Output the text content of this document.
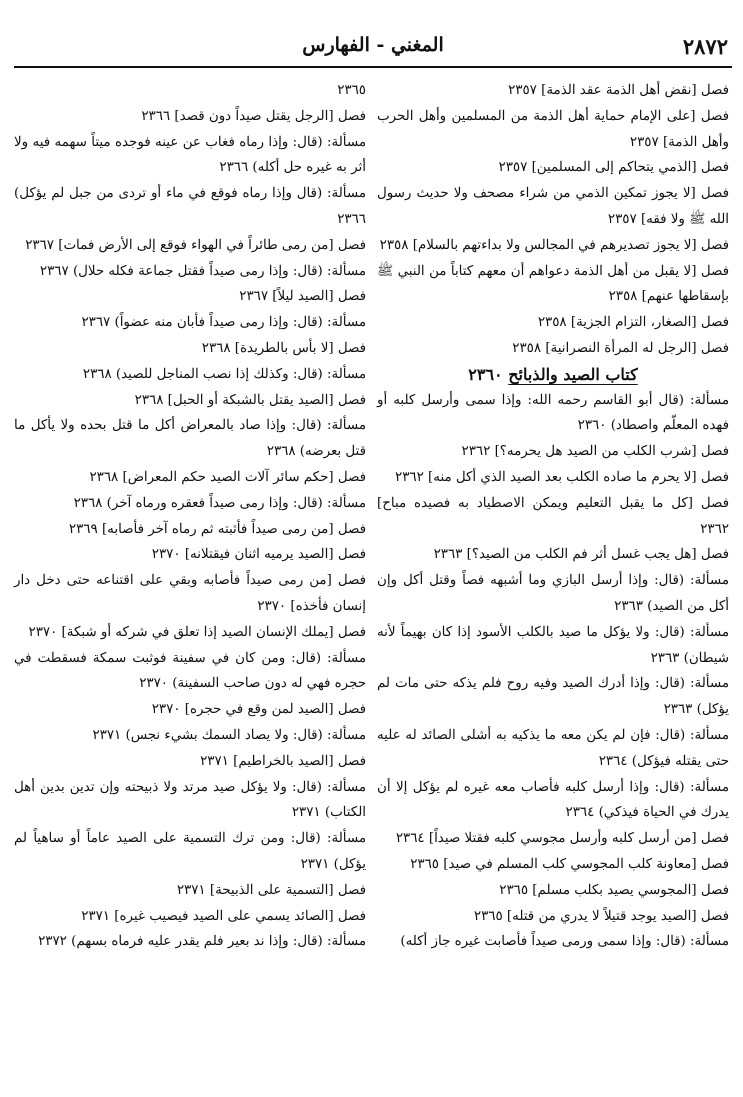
٢٨٧٢
المغني - الفهارس

فصل [نقض أهل الذمة عقد الذمة] ٢٣٥٧

فصل [على الإمام حماية أهل الذمة من المسلمين وأهل الحرب وأهل الذمة] ٢٣٥٧

فصل [الذمي يتحاكم إلى المسلمين] ٢٣٥٧

فصل [لا يجوز تمكين الذمي من شراء مصحف ولا حديث رسول الله ﷺ ولا فقه] ٢٣٥٧

فصل [لا يجوز تصديرهم في المجالس ولا بداءتهم بالسلام] ٢٣٥٨

فصل [لا يقبل من أهل الذمة دعواهم أن معهم كتاباً من النبي ﷺ بإسقاطها عنهم] ٢٣٥٨

فصل [الصغار، التزام الجزية] ٢٣٥٨

فصل [الرجل له المرأة النصرانية] ٢٣٥٨

كتاب الصيد والذبائح ٢٣٦٠

مسألة: (قال أبو القاسم رحمه الله: وإذا سمى وأرسل كلبه أو فهده المعلّم واصطاد) ٢٣٦٠

فصل [شرب الكلب من الصيد هل يحرمه؟] ٢٣٦٢

فصل [لا يحرم ما صاده الكلب بعد الصيد الذي أكل منه] ٢٣٦٢

فصل [كل ما يقبل التعليم ويمكن الاصطياد به فصيده مباح] ٢٣٦٢

فصل [هل يجب غسل أثر فم الكلب من الصيد؟] ٢٣٦٣

مسألة: (قال: وإذا أرسل البازي وما أشبهه فصاً وقتل أكل وإن أكل من الصيد) ٢٣٦٣

مسألة: (قال: ولا يؤكل ما صيد بالكلب الأسود إذا كان بهيماً لأنه شيطان) ٢٣٦٣

مسألة: (قال: وإذا أدرك الصيد وفيه روح فلم يذكه حتى مات لم يؤكل) ٢٣٦٣

مسألة: (قال: فإن لم يكن معه ما يذكيه به أشلى الصائد له عليه حتى يقتله فيؤكل) ٢٣٦٤

مسألة: (قال: وإذا أرسل كلبه فأصاب معه غيره لم يؤكل إلا أن يدرك في الحياة فيذكي) ٢٣٦٤

فصل [من أرسل كلبه وأرسل مجوسي كلبه فقتلا صيداً] ٢٣٦٤

فصل [معاونة كلب المجوسي كلب المسلم في صيد] ٢٣٦٥

فصل [المجوسي يصيد بكلب مسلم] ٢٣٦٥

فصل [الصيد يوجد قتيلاً لا يدري من قتله] ٢٣٦٥

مسألة: (قال: وإذا سمى ورمى صيداً فأصابت غيره جاز أكله)

٢٣٦٥

فصل [الرجل يقتل صيداً دون قصد] ٢٣٦٦

مسألة: (قال: وإذا رماه فغاب عن عينه فوجده ميتاً سهمه فيه ولا أثر به غيره حل أكله) ٢٣٦٦

مسألة: (قال وإذا رماه فوقع في ماء أو تردى من جبل لم يؤكل) ٢٣٦٦

فصل [من رمى طائراً في الهواء فوقع إلى الأرض فمات] ٢٣٦٧

مسألة: (قال: وإذا رمى صيداً فقتل جماعة فكله حلال) ٢٣٦٧

فصل [الصيد ليلاً] ٢٣٦٧

مسألة: (قال: وإذا رمى صيداً فأبان منه عضواً) ٢٣٦٧

فصل [لا بأس بالطريدة] ٢٣٦٨

مسألة: (قال: وكذلك إذا نصب المناجل للصيد) ٢٣٦٨

فصل [الصيد يقتل بالشبكة أو الحبل] ٢٣٦٨

مسألة: (قال: وإذا صاد بالمعراض أكل ما قتل بحده ولا يأكل ما قتل بعرضه) ٢٣٦٨

فصل [حكم سائر آلات الصيد حكم المعراض] ٢٣٦٨

مسألة: (قال: وإذا رمى صيداً فعقره ورماه آخر) ٢٣٦٨

فصل [من رمى صيداً فأثبته ثم رماه آخر فأصابه] ٢٣٦٩

فصل [الصيد يرميه اثنان فيقتلانه] ٢٣٧٠

فصل [من رمى صيداً فأصابه وبقي على اقتناعه حتى دخل دار إنسان فأخذه] ٢٣٧٠

فصل [يملك الإنسان الصيد إذا تعلق في شركه أو شبكة] ٢٣٧٠

مسألة: (قال: ومن كان في سفينة فوثبت سمكة فسقطت في حجره فهي له دون صاحب السفينة) ٢٣٧٠

فصل [الصيد لمن وقع في حجره] ٢٣٧٠

مسألة: (قال: ولا يصاد السمك بشيء نجس) ٢٣٧١

فصل [الصيد بالخراطيم] ٢٣٧١

مسألة: (قال: ولا يؤكل صيد مرتد ولا ذبيحته وإن تدين بدين أهل الكتاب) ٢٣٧١

مسألة: (قال: ومن ترك التسمية على الصيد عاماً أو ساهياً لم يؤكل) ٢٣٧١

فصل [التسمية على الذبيحة] ٢٣٧١

فصل [الصائد يسمي على الصيد فيصيب غيره] ٢٣٧١

مسألة: (قال: وإذا ند بعير فلم يقدر عليه فرماه بسهم) ٢٣٧٢
